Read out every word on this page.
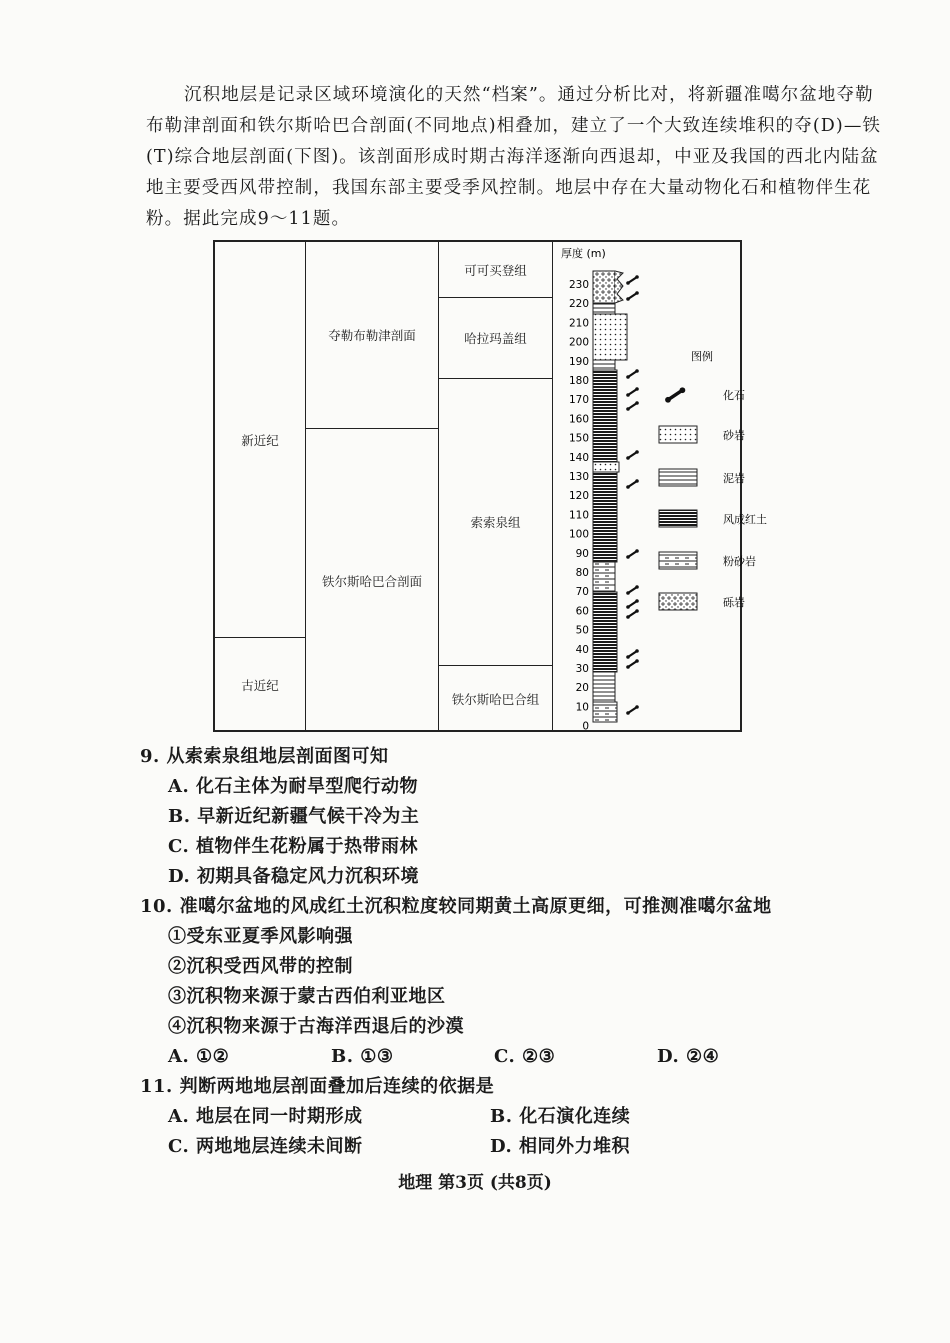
沉积地层是记录区域环境演化的天然“档案”。通过分析比对，将新疆准噶尔盆地夺勒布勒津剖面和铁尔斯哈巴合剖面(不同地点)相叠加，建立了一个大致连续堆积的夺(D)—铁(T)综合地层剖面(下图)。该剖面形成时期古海洋逐渐向西退却，中亚及我国的西北内陆盆地主要受西风带控制，我国东部主要受季风控制。地层中存在大量动物化石和植物伴生花粉。据此完成9～11题。

新近纪
古近纪
夺勒布勒津剖面
铁尔斯哈巴合剖面
可可买登组
哈拉玛盖组
索索泉组
铁尔斯哈巴合组
厚度 (m)
230
220
210
200
190
180
170
160
150
140
130
120
110
100
90
80
70
60
50
40
30
20
10
0
图例
化石
砂岩
泥岩
风成红土
粉砂岩
砾岩

9. 从索索泉组地层剖面图可知

A. 化石主体为耐旱型爬行动物

B. 早新近纪新疆气候干冷为主

C. 植物伴生花粉属于热带雨林

D. 初期具备稳定风力沉积环境

10. 准噶尔盆地的风成红土沉积粒度较同期黄土高原更细，可推测准噶尔盆地

①受东亚夏季风影响强

②沉积受西风带的控制

③沉积物来源于蒙古西伯利亚地区

④沉积物来源于古海洋西退后的沙漠

A. ①②	B. ①③	C. ②③	D. ②④

11. 判断两地地层剖面叠加后连续的依据是

A. 地层在同一时期形成	B. 化石演化连续
C. 两地地层连续未间断	D. 相同外力堆积
地理 第3页 (共8页)
